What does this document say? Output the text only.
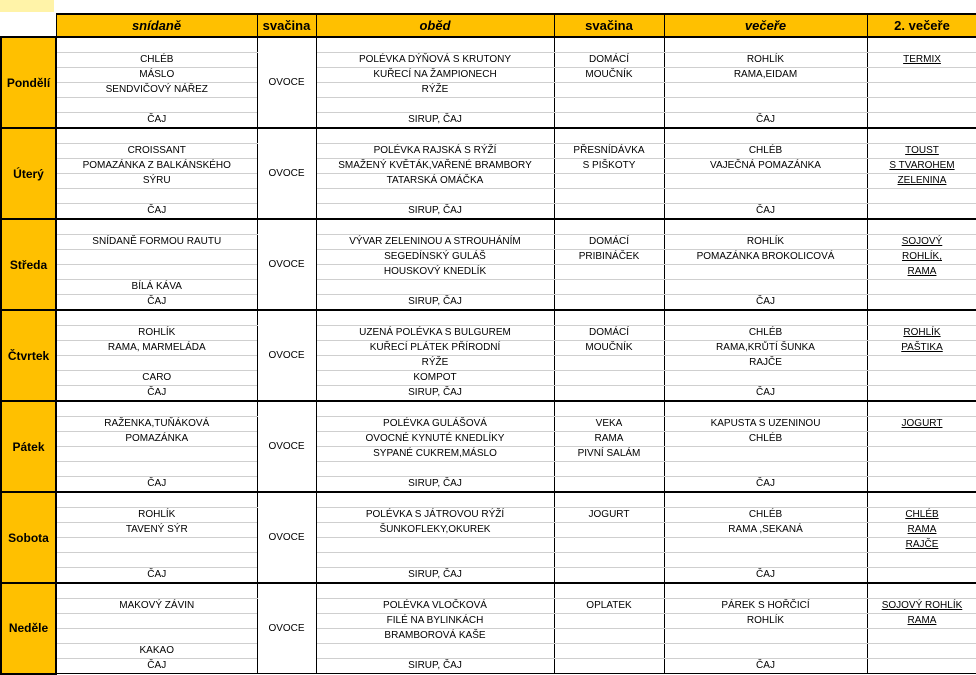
	snídaně	svačina	oběd	svačina	večeře	2. večeře
Pondělí		OVOCE				
	CHLÉB		POLÉVKA DÝŇOVÁ S KRUTONY	DOMÁCÍ	ROHLÍK	TERMIX
	MÁSLO		KUŘECÍ NA ŽAMPIONECH	MOUČNÍK	RAMA,EIDAM	
	SENDVIČOVÝ NÁŘEZ		RÝŽE			

	ČAJ		SIRUP, ČAJ		ČAJ	
Úterý		OVOCE				
	CROISSANT		POLÉVKA RAJSKÁ S RÝŽÍ	PŘESNÍDÁVKA	CHLÉB	TOUST
	POMAZÁNKA Z BALKÁNSKÉHO		SMAŽENÝ KVĚTÁK,VAŘENÉ BRAMBORY	S PIŠKOTY	VAJEČNÁ POMAZÁNKA	S TVAROHEM
	SÝRU		TATARSKÁ OMÁČKA			ZELENINA

	ČAJ		SIRUP, ČAJ		ČAJ	
Středa		OVOCE				
	SNÍDANĚ FORMOU RAUTU		VÝVAR ZELENINOU A STROUHÁNÍM	DOMÁCÍ	ROHLÍK	SOJOVÝ
			SEGEDÍNSKÝ GULÁŠ	PRIBINÁČEK	POMAZÁNKA BROKOLICOVÁ	ROHLÍK,
			HOUSKOVÝ KNEDLÍK			RAMA
	BÍLÁ KÁVA					
	ČAJ		SIRUP, ČAJ		ČAJ	
Čtvrtek		OVOCE				
	ROHLÍK		UZENÁ POLÉVKA S BULGUREM	DOMÁCÍ	CHLÉB	ROHLÍK
	RAMA, MARMELÁDA		KUŘECÍ PLÁTEK PŘÍRODNÍ	MOUČNÍK	RAMA,KRŮTÍ ŠUNKA	PAŠTIKA
			RÝŽE		RAJČE	
	CARO		KOMPOT			
	ČAJ		SIRUP, ČAJ		ČAJ	
Pátek		OVOCE				
	RAŽENKA,TUŇÁKOVÁ		POLÉVKA GULÁŠOVÁ	VEKA	KAPUSTA S UZENINOU	JOGURT
	POMAZÁNKA		OVOCNÉ KYNUTÉ KNEDLÍKY	RAMA	CHLÉB	
			SYPANÉ CUKREM,MÁSLO	PIVNÍ SALÁM		

	ČAJ		SIRUP, ČAJ		ČAJ	
Sobota		OVOCE				
	ROHLÍK		POLÉVKA S JÁTROVOU RÝŽÍ	JOGURT	CHLÉB	CHLÉB
	TAVENÝ SÝR		ŠUNKOFLEKY,OKUREK		RAMA ,SEKANÁ	RAMA
						RAJČE

	ČAJ		SIRUP, ČAJ		ČAJ	
Neděle		OVOCE				
	MAKOVÝ ZÁVIN		POLÉVKA VLOČKOVÁ	OPLATEK	PÁREK S HOŘČICÍ	SOJOVÝ ROHLÍK
			FILÉ NA BYLINKÁCH		ROHLÍK	RAMA
			BRAMBOROVÁ KAŠE			
	KAKAO					
	ČAJ		SIRUP, ČAJ		ČAJ	
